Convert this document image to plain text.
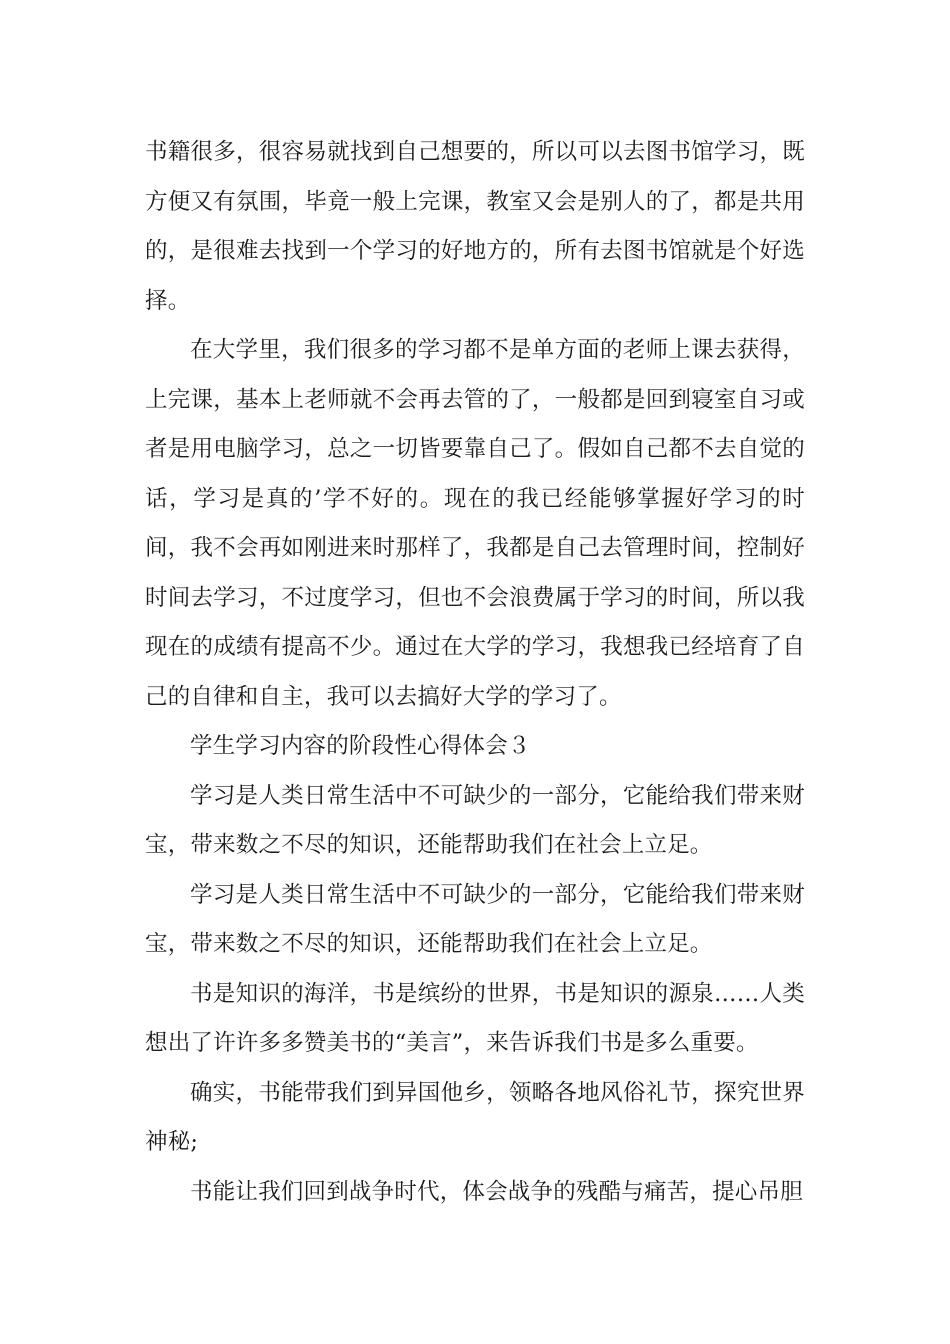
书籍很多，很容易就找到自己想要的，所以可以去图书馆学习，既方便又有氛围，毕竟一般上完课，教室又会是别人的了，都是共用的，是很难去找到一个学习的好地方的，所有去图书馆就是个好选择。

在大学里，我们很多的学习都不是单方面的老师上课去获得，上完课，基本上老师就不会再去管的了，一般都是回到寝室自习或者是用电脑学习，总之一切皆要靠自己了。假如自己都不去自觉的话，学习是真的’学不好的。现在的我已经能够掌握好学习的时间，我不会再如刚进来时那样了，我都是自己去管理时间，控制好时间去学习，不过度学习，但也不会浪费属于学习的时间，所以我现在的成绩有提高不少。通过在大学的学习，我想我已经培育了自己的自律和自主，我可以去搞好大学的学习了。

学生学习内容的阶段性心得体会３

学习是人类日常生活中不可缺少的一部分，它能给我们带来财宝，带来数之不尽的知识，还能帮助我们在社会上立足。

学习是人类日常生活中不可缺少的一部分，它能给我们带来财宝，带来数之不尽的知识，还能帮助我们在社会上立足。

书是知识的海洋，书是缤纷的世界，书是知识的源泉……人类想出了许许多多赞美书的“美言”，来告诉我们书是多么重要。

确实，书能带我们到异国他乡，领略各地风俗礼节，探究世界神秘;

书能让我们回到战争时代，体会战争的残酷与痛苦，提心吊胆
